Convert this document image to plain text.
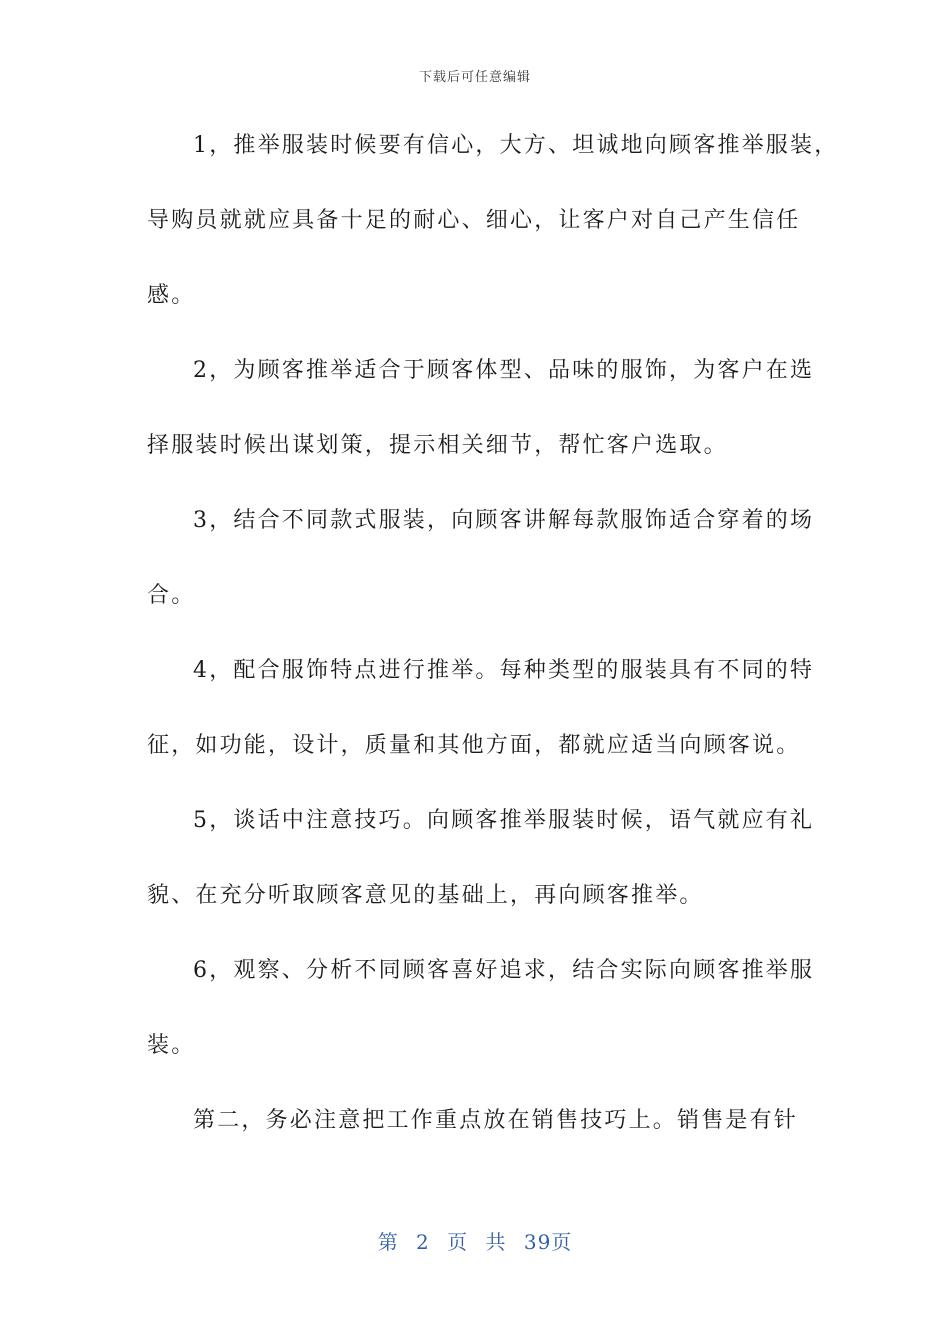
下载后可任意编辑
1，推举服装时候要有信心，大方、坦诚地向顾客推举服装，
导购员就就应具备十足的耐心、细心，让客户对自己产生信任
感。
2，为顾客推举适合于顾客体型、品味的服饰，为客户在选
择服装时候出谋划策，提示相关细节，帮忙客户选取。
3，结合不同款式服装，向顾客讲解每款服饰适合穿着的场
合。
4，配合服饰特点进行推举。每种类型的服装具有不同的特
征，如功能，设计，质量和其他方面，都就应适当向顾客说。
5，谈话中注意技巧。向顾客推举服装时候，语气就应有礼
貌、在充分听取顾客意见的基础上，再向顾客推举。
6，观察、分析不同顾客喜好追求，结合实际向顾客推举服
装。
第二，务必注意把工作重点放在销售技巧上。销售是有针
第 2 页 共 39页
